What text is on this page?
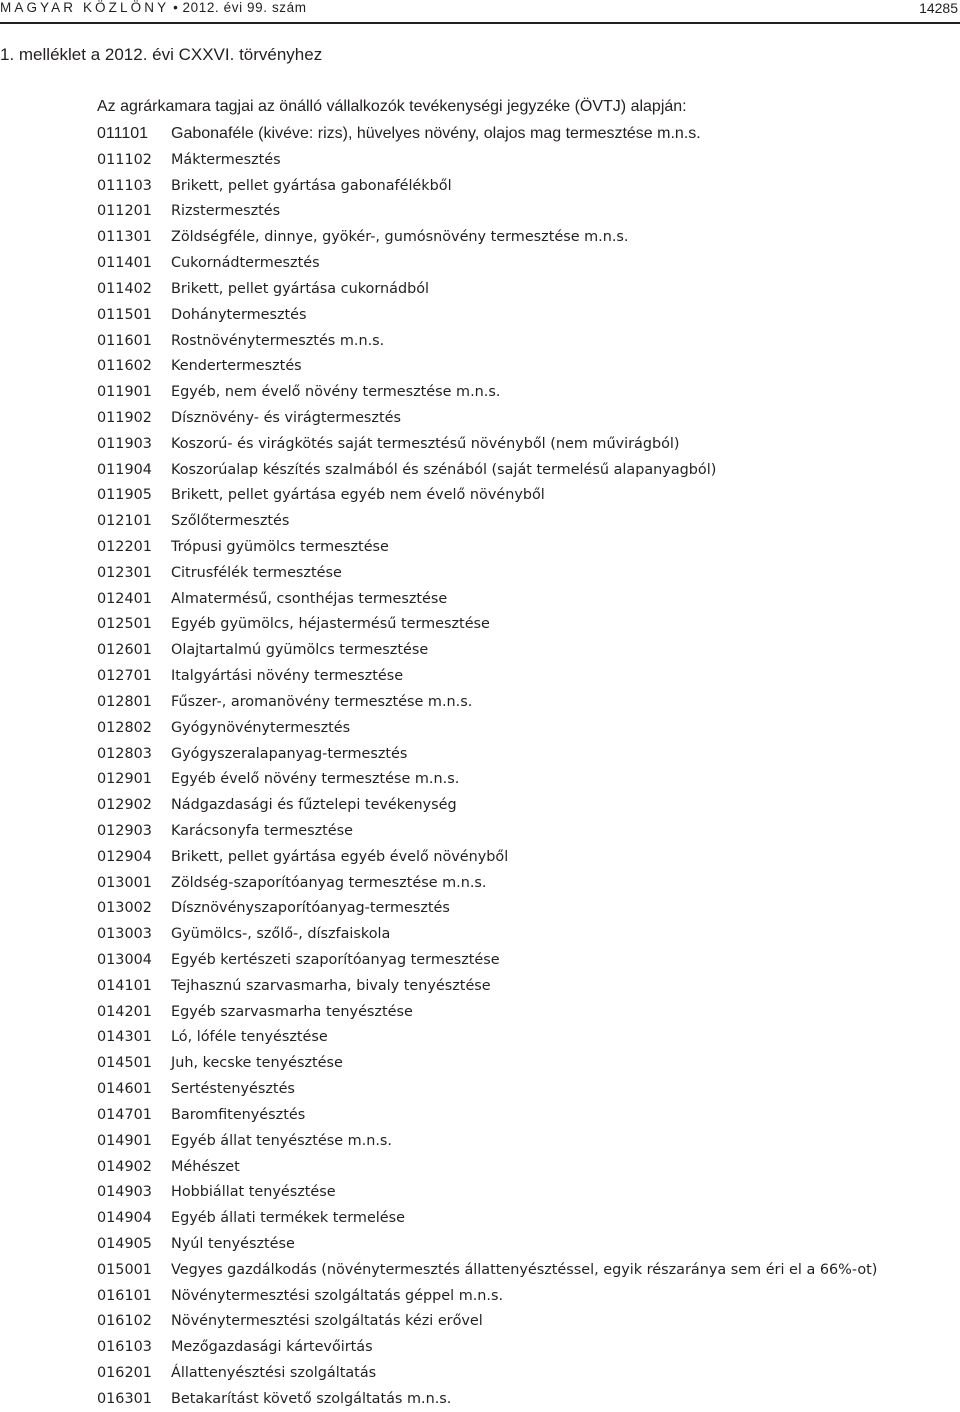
MAGYAR KÖZLÖNY • 2012. évi 99. szám	14285
1. melléklet a 2012. évi CXXVI. törvényhez
Az agrárkamara tagjai az önálló vállalkozók tevékenységi jegyzéke (ÖVTJ) alapján:
011101 Gabonaféle (kivéve: rizs), hüvelyes növény, olajos mag termesztése m.n.s.
011102 Máktermesztés
011103 Brikett, pellet gyártása gabonafélékből
011201 Rizstermesztés
011301 Zöldségféle, dinnye, gyökér-, gumósnövény termesztése m.n.s.
011401 Cukornádtermesztés
011402 Brikett, pellet gyártása cukornádból
011501 Dohánytermesztés
011601 Rostnövénytermesztés m.n.s.
011602 Kendertermesztés
011901 Egyéb, nem évelő növény termesztése m.n.s.
011902 Dísznövény- és virágtermesztés
011903 Koszorú- és virágkötés saját termesztésű növényből (nem művirágból)
011904 Koszorúalap készítés szalmából és szénából (saját termelésű alapanyagból)
011905 Brikett, pellet gyártása egyéb nem évelő növényből
012101 Szőlőtermesztés
012201 Trópusi gyümölcs termesztése
012301 Citrusfélék termesztése
012401 Almatermésű, csonthéjas termesztése
012501 Egyéb gyümölcs, héjastermésű termesztése
012601 Olajtartalmú gyümölcs termesztése
012701 Italgyártási növény termesztése
012801 Fűszer-, aromanövény termesztése m.n.s.
012802 Gyógynövénytermesztés
012803 Gyógyszeralapanyag-termesztés
012901 Egyéb évelő növény termesztése m.n.s.
012902 Nádgazdasági és fűztelepi tevékenység
012903 Karácsonyfa termesztése
012904 Brikett, pellet gyártása egyéb évelő növényből
013001 Zöldség-szaporítóanyag termesztése m.n.s.
013002 Dísznövényszaporítóanyag-termesztés
013003 Gyümölcs-, szőlő-, díszfaiskola
013004 Egyéb kertészeti szaporítóanyag termesztése
014101 Tejhasznú szarvasmarha, bivaly tenyésztése
014201 Egyéb szarvasmarha tenyésztése
014301 Ló, lóféle tenyésztése
014501 Juh, kecske tenyésztése
014601 Sertéstenyésztés
014701 Baromfitenyésztés
014901 Egyéb állat tenyésztése m.n.s.
014902 Méhészet
014903 Hobbiállat tenyésztése
014904 Egyéb állati termékek termelése
014905 Nyúl tenyésztése
015001 Vegyes gazdálkodás (növénytermesztés állattenyésztéssel, egyik részaránya sem éri el a 66%-ot)
016101 Növénytermesztési szolgáltatás géppel m.n.s.
016102 Növénytermesztési szolgáltatás kézi erővel
016103 Mezőgazdasági kártevőirtás
016201 Állattenyésztési szolgáltatás
016301 Betakarítást követő szolgáltatás m.n.s.
